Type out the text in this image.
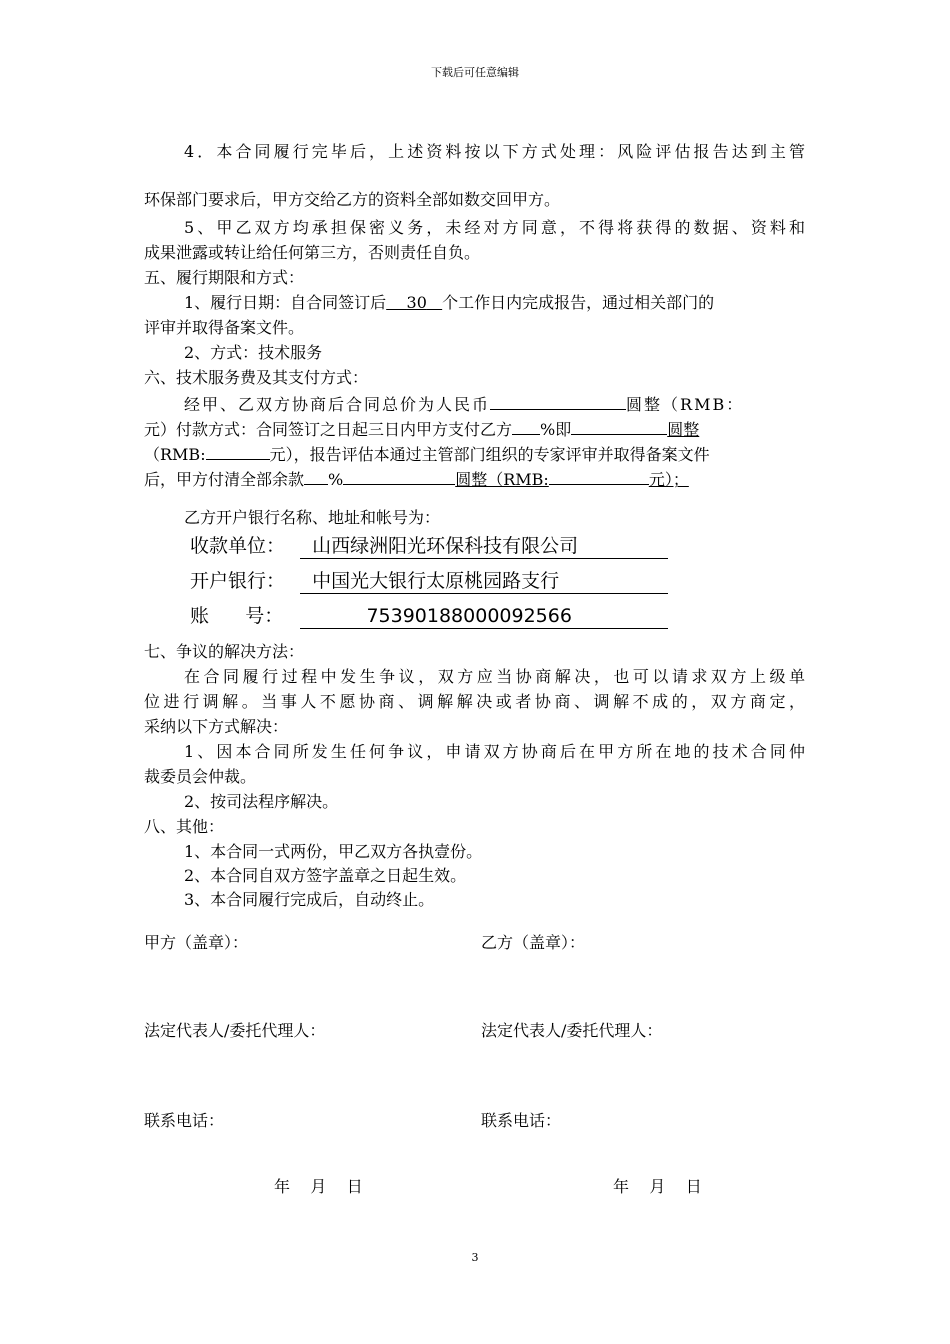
下载后可任意编辑
4．本合同履行完毕后，上述资料按以下方式处理：风险评估报告达到主管
环保部门要求后，甲方交给乙方的资料全部如数交回甲方。
5、甲乙双方均承担保密义务，未经对方同意，不得将获得的数据、资料和
成果泄露或转让给任何第三方，否则责任自负。
五、履行期限和方式：
1、履行日期：自合同签订后 30 个工作日内完成报告，通过相关部门的
评审并取得备案文件。
2、方式：技术服务
六、技术服务费及其支付方式：
经甲、乙双方协商后合同总价为人民币	圆整（RMB：
元）付款方式：合同签订之日起三日内甲方支付乙方 %即	圆整
（RMB:	元），报告评估本通过主管部门组织的专家评审并取得备案文件
后，甲方付清全部余款 %	圆整（RMB:	元）；
乙方开户银行名称、地址和帐号为：
收款单位：	山西绿洲阳光环保科技有限公司
开户银行：	中国光大银行太原桃园路支行
账      号：	75390188000092566
七、争议的解决方法：
在合同履行过程中发生争议，双方应当协商解决，也可以请求双方上级单
位进行调解。当事人不愿协商、调解解决或者协商、调解不成的，双方商定，
采纳以下方式解决：
1、因本合同所发生任何争议，申请双方协商后在甲方所在地的技术合同仲
裁委员会仲裁。
2、按司法程序解决。
八、其他：
1、本合同一式两份，甲乙双方各执壹份。
2、本合同自双方签字盖章之日起生效。
3、本合同履行完成后，自动终止。
甲方（盖章）：	乙方（盖章）：
法定代表人/委托代理人：	法定代表人/委托代理人：
联系电话：	联系电话：
年    月    日	年    月    日
3
